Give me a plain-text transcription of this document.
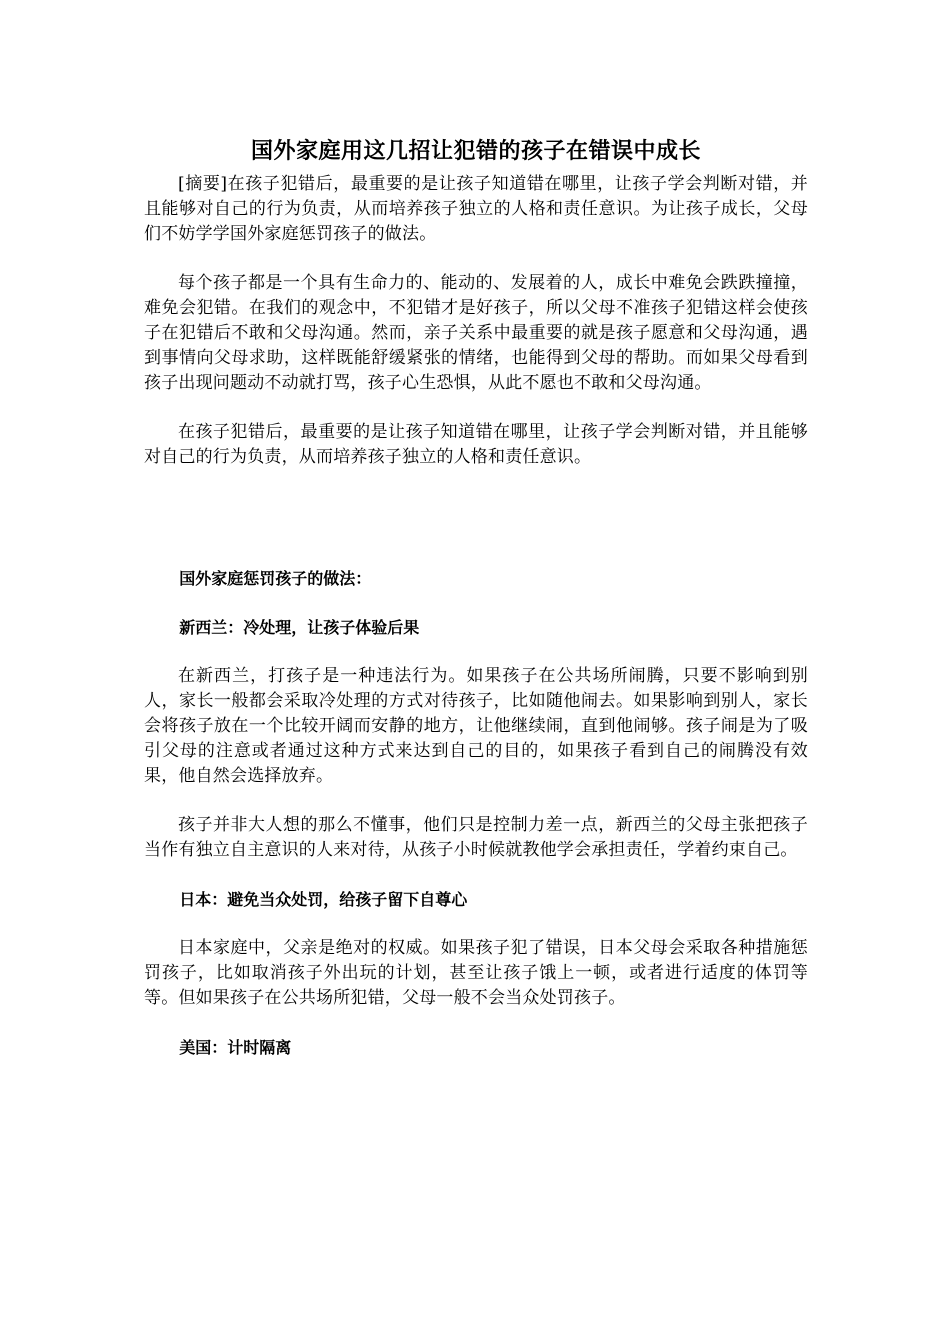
国外家庭用这几招让犯错的孩子在错误中成长

[摘要]在孩子犯错后，最重要的是让孩子知道错在哪里，让孩子学会判断对错，并且能够对自己的行为负责，从而培养孩子独立的人格和责任意识。为让孩子成长，父母们不妨学学国外家庭惩罚孩子的做法。

每个孩子都是一个具有生命力的、能动的、发展着的人，成长中难免会跌跌撞撞，难免会犯错。在我们的观念中，不犯错才是好孩子，所以父母不准孩子犯错这样会使孩子在犯错后不敢和父母沟通。然而，亲子关系中最重要的就是孩子愿意和父母沟通，遇到事情向父母求助，这样既能舒缓紧张的情绪，也能得到父母的帮助。而如果父母看到孩子出现问题动不动就打骂，孩子心生恐惧，从此不愿也不敢和父母沟通。

在孩子犯错后，最重要的是让孩子知道错在哪里，让孩子学会判断对错，并且能够对自己的行为负责，从而培养孩子独立的人格和责任意识。

国外家庭惩罚孩子的做法：
新西兰：冷处理，让孩子体验后果

在新西兰，打孩子是一种违法行为。如果孩子在公共场所闹腾，只要不影响到别人，家长一般都会采取冷处理的方式对待孩子，比如随他闹去。如果影响到别人，家长会将孩子放在一个比较开阔而安静的地方，让他继续闹，直到他闹够。孩子闹是为了吸引父母的注意或者通过这种方式来达到自己的目的，如果孩子看到自己的闹腾没有效果，他自然会选择放弃。

孩子并非大人想的那么不懂事，他们只是控制力差一点，新西兰的父母主张把孩子当作有独立自主意识的人来对待，从孩子小时候就教他学会承担责任，学着约束自己。

日本：避免当众处罚，给孩子留下自尊心

日本家庭中，父亲是绝对的权威。如果孩子犯了错误，日本父母会采取各种措施惩罚孩子，比如取消孩子外出玩的计划，甚至让孩子饿上一顿，或者进行适度的体罚等等。但如果孩子在公共场所犯错，父母一般不会当众处罚孩子。

美国：计时隔离
